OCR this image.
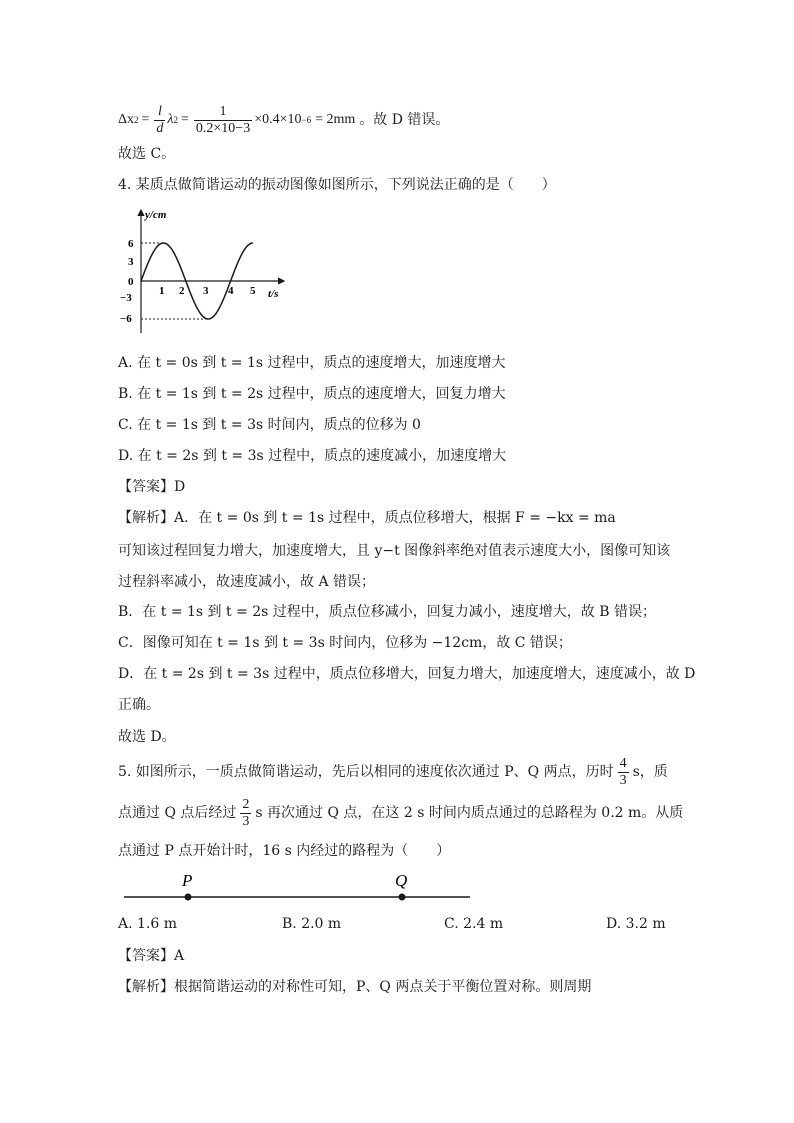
Δx $2 = \frac{l}{d}$ λ $2 = \frac{1}{0.2\times 10-3} \times 0.4\times 10 -6 = 2mm$ 。故 D 错误。
故选 C。
4. 某质点做简谐运动的振动图像如图所示，下列说法正确的是（　　）
y/cm
t/s
6
3
0
−3
−6
1 2 3 4 5
A. 在 t = 0s 到 t = 1s 过程中，质点的速度增大，加速度增大
B. 在 t = 1s 到 t = 2s 过程中，质点的速度增大，回复力增大
C. 在 t = 1s 到 t = 3s 时间内，质点的位移为 0
D. 在 t = 2s 到 t = 3s 过程中，质点的速度减小，加速度增大
【答案】D
【解析】A．在 t = 0s 到 t = 1s 过程中，质点位移增大，根据 F = −kx = ma
可知该过程回复力增大，加速度增大，且 y−t 图像斜率绝对值表示速度大小，图像可知该
过程斜率减小，故速度减小，故 A 错误；
B．在 t = 1s 到 t = 2s 过程中，质点位移减小，回复力减小，速度增大，故 B 错误；
C．图像可知在 t = 1s 到 t = 3s 时间内，位移为 −12cm，故 C 错误；
D．在 t = 2s 到 t = 3s 过程中，质点位移增大，回复力增大，加速度增大，速度减小，故 D
正确。
故选 D。
5. 如图所示，一质点做简谐运动，先后以相同的速度依次通过 P、Q 两点，历时 $\frac{4}{3}$ s，质
点通过 Q 点后经过 $\frac{2}{3}$ s 再次通过 Q 点，在这 2 s 时间内质点通过的总路程为 0.2 m。从质
点通过 P 点开始计时，16 s 内经过的路程为（　　）
P	Q
A. 1.6 m	B. 2.0 m	C. 2.4 m	D. 3.2 m
【答案】A
【解析】根据简谐运动的对称性可知，P、Q 两点关于平衡位置对称。则周期
